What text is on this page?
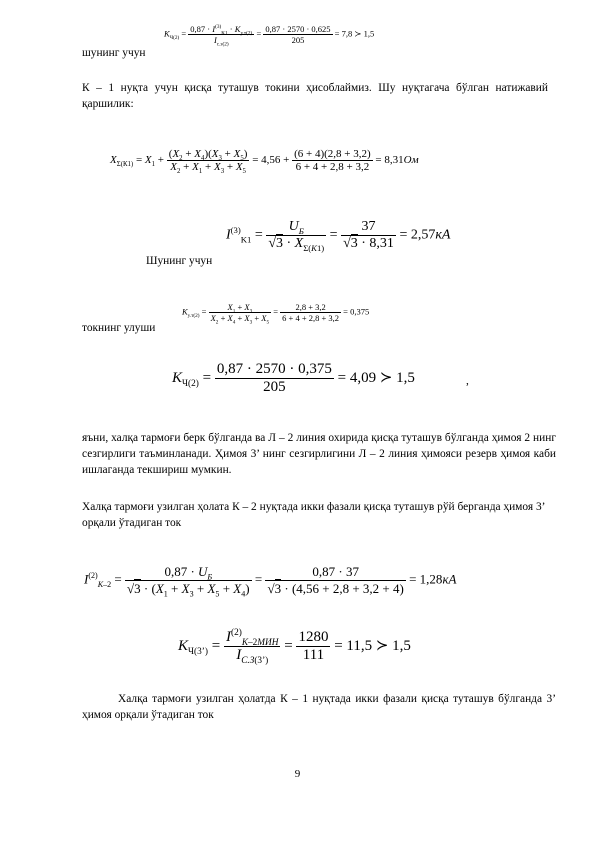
шунинг учун
$K_{Ч(2)} = \frac{0,87 \cdot I^{(3)}_{K1} \cdot K_{у.т(2)}}{I_{с.з(2)}} = \frac{0,87 \cdot 2570 \cdot 0,625}{205} = 7,8$ ≻ 1,5
К – 1 нуқта учун қисқа туташув токини ҳисоблаймиз. Шу нуқтагача бўлган натижавий қаршилик:
$X_{\Sigma(К1)} = X_1 + \frac{(X_2 + X_4)(X_3 + X_5)}{X_2 + X_1 + X_3 + X_5} = 4,56 + \frac{(6 + 4)(2,8 + 3,2)}{6 + 4 + 2,8 + 3,2} = 8,31Ом$
Шунинг учун
$I^{(3)}_{K1} = \frac{U_Б}{√3 \cdot X_{\Sigma(К1)}} = \frac{37}{√3 \cdot 8,31} = 2,57кА$
токнинг улуши
$K_{у.т(2)} = \frac{X_1 + X_3}{X_2 + X_4 + X_3 + X_5} = \frac{2,8 + 3,2}{6 + 4 + 2,8 + 3,2} = 0,375$
$K_{Ч(2)} = \frac{0,87 \cdot 2570 \cdot 0,375}{205} = 4,09$ ≻ 1,5	,
яъни, халқа тармоғи берк бўлганда ва Л – 2 линия охирида қисқа туташув бўлганда ҳимоя 2 нинг сезгирлиги таъминланади. Ҳимоя 3’ нинг сезгирлигини Л – 2 линия ҳимояси резерв ҳимоя каби ишлаганда текшириш мумкин.
Халқа тармоғи узилган ҳолата К – 2 нуқтада икки фазали қисқа туташув рўй берганда ҳимоя 3’ орқали ўтадиган ток
$I^{(2)}_{K-2} = \frac{0,87 \cdot U_Б}{√3 \cdot (X_1 + X_3 + X_5 + X_4)} = \frac{0,87 \cdot 37}{√3 \cdot (4,56 + 2,8 + 3,2 + 4)} = 1,28кА$
$K_{Ч(3’)} = \frac{I^{(2)}_{К-2МИН}}{I_{С.З(3’)}} = \frac{1280}{111} = 11,5$ ≻ 1,5
Халқа тармоғи узилган ҳолатда К – 1 нуқтада икки фазали қисқа туташув бўлганда 3’ ҳимоя орқали ўтадиган ток
9
